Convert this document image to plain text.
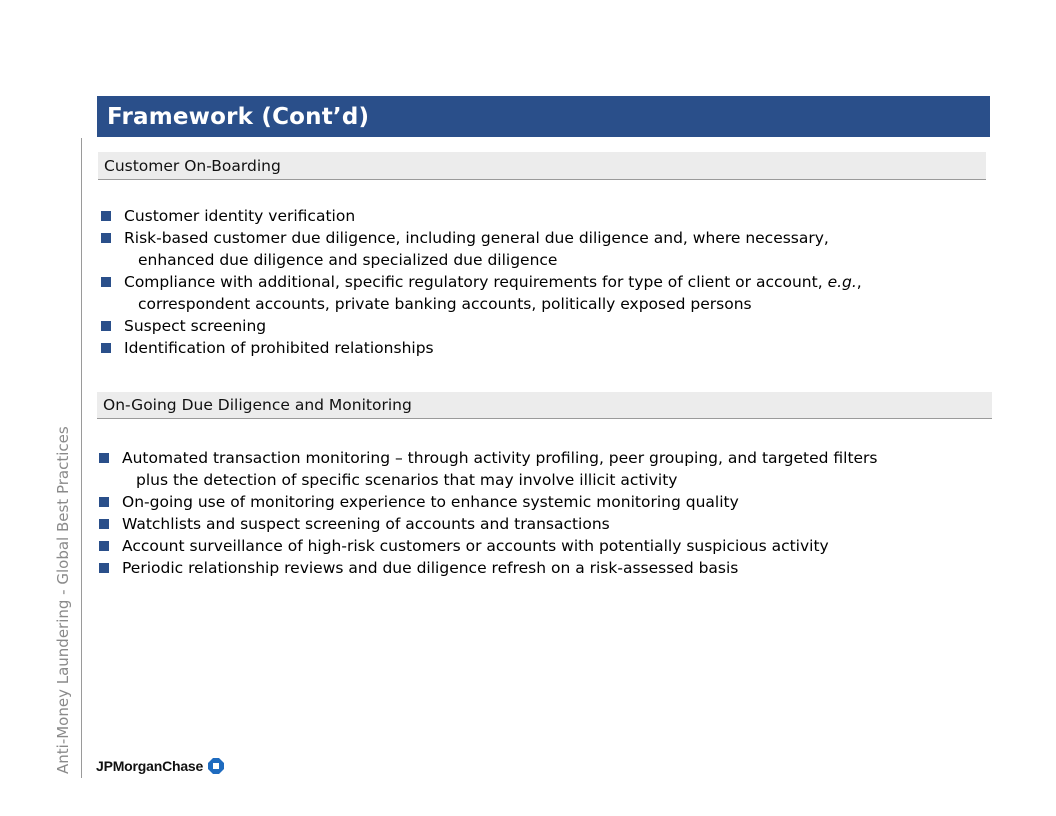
Anti-Money Laundering - Global Best Practices
Framework (Cont’d)
Customer On-Boarding
Customer identity verification
Risk-based customer due diligence, including general due diligence and, where necessary,
enhanced due diligence and specialized due diligence
Compliance with additional, specific regulatory requirements for type of client or account, e.g.,
correspondent accounts, private banking accounts, politically exposed persons
Suspect screening
Identification of prohibited relationships
On-Going Due Diligence and Monitoring
Automated transaction monitoring – through activity profiling, peer grouping, and targeted filters
plus the detection of specific scenarios that may involve illicit activity
On-going use of monitoring experience to enhance systemic monitoring quality
Watchlists and suspect screening of accounts and transactions
Account surveillance of high-risk customers or accounts with potentially suspicious activity
Periodic relationship reviews and due diligence refresh on a risk-assessed basis
JPMorganChase
